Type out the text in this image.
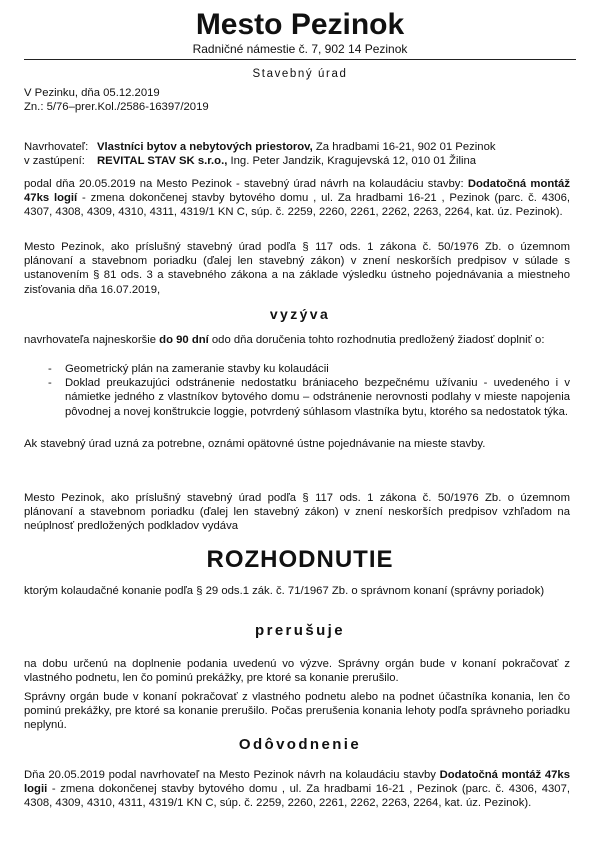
Mesto Pezinok
Radničné námestie č. 7, 902 14 Pezinok
Stavebný úrad
V Pezinku, dňa 05.12.2019
Zn.: 5/76–prer.Kol./2586-16397/2019
Navrhovateľ: Vlastníci bytov a nebytových priestorov, Za hradbami 16-21, 902 01 Pezinok
v zastúpení: REVITAL STAV SK s.r.o., Ing. Peter Jandzik, Kragujevská 12, 010 01 Žilina
podal dňa 20.05.2019 na Mesto Pezinok - stavebný úrad návrh na kolaudáciu stavby: Dodatočná montáž 47ks logií - zmena dokončenej stavby bytového domu , ul. Za hradbami 16-21 , Pezinok (parc. č. 4306, 4307, 4308, 4309, 4310, 4311, 4319/1 KN C, súp. č. 2259, 2260, 2261, 2262, 2263, 2264, kat. úz. Pezinok).
Mesto Pezinok, ako príslušný stavebný úrad podľa § 117 ods. 1 zákona č. 50/1976 Zb. o územnom plánovaní a stavebnom poriadku (ďalej len stavebný zákon) v znení neskorších predpisov v súlade s ustanovením § 81 ods. 3 a stavebného zákona a na základe výsledku ústneho pojednávania a miestneho zisťovania dňa 16.07.2019,
vyzýva
navrhovateľa najneskoršie do 90 dní odo dňa doručenia tohto rozhodnutia predložený žiadosť doplniť o:
- Geometrický plán na zameranie stavby ku kolaudácii
- Doklad preukazujúci odstránenie nedostatku brániaceho bezpečnému užívaniu - uvedeného i v námietke jedného z vlastníkov bytového domu – odstránenie nerovnosti podlahy v mieste napojenia pôvodnej a novej konštrukcie loggie, potvrdený súhlasom vlastníka bytu, ktorého sa nedostatok týka.
Ak stavebný úrad uzná za potrebne, oznámi opätovné ústne pojednávanie na mieste stavby.
Mesto Pezinok, ako príslušný stavebný úrad podľa § 117 ods. 1 zákona č. 50/1976 Zb. o územnom plánovaní a stavebnom poriadku (ďalej len stavebný zákon) v znení neskorších predpisov vzhľadom na neúplnosť predložených podkladov vydáva
ROZHODNUTIE
ktorým kolaudačné konanie podľa § 29 ods.1 zák. č. 71/1967 Zb. o správnom konaní (správny poriadok)
prerušuje
na dobu určenú na doplnenie podania uvedenú vo výzve. Správny orgán bude v konaní pokračovať z vlastného podnetu, len čo pominú prekážky, pre ktoré sa konanie prerušilo.
Správny orgán bude v konaní pokračovať z vlastného podnetu alebo na podnet účastníka konania, len čo pominú prekážky, pre ktoré sa konanie prerušilo. Počas prerušenia konania lehoty podľa správneho poriadku neplynú.
Odôvodnenie
Dňa 20.05.2019 podal navrhovateľ na Mesto Pezinok návrh na kolaudáciu stavby Dodatočná montáž 47ks logii - zmena dokončenej stavby bytového domu , ul. Za hradbami 16-21 , Pezinok (parc. č. 4306, 4307, 4308, 4309, 4310, 4311, 4319/1 KN C, súp. č. 2259, 2260, 2261, 2262, 2263, 2264, kat. úz. Pezinok).
